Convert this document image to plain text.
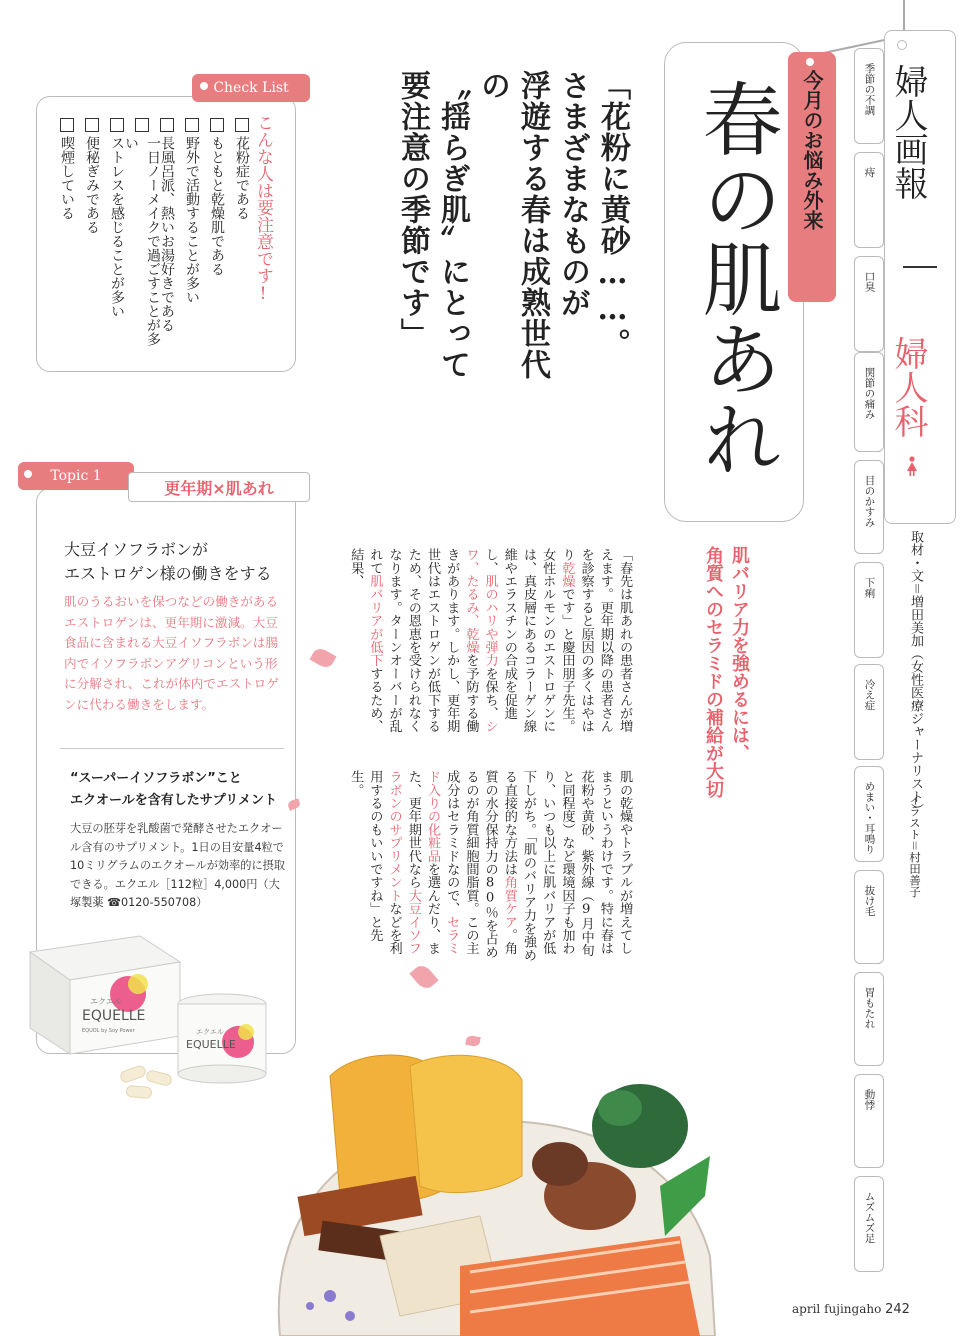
Check List
こんな人は要注意です!
花粉症である
もともと乾燥肌である
野外で活動することが多い
長風呂派、熱いお湯好きである
一日ノーメイクで過ごすことが多い
ストレスを感じることが多い
便秘ぎみである
喫煙している
Topic 1
更年期×肌あれ
大豆イソフラボンが
エストロゲン様の働きをする
肌のうるおいを保つなどの働きがあるエストロゲンは、更年期に激減。大豆食品に含まれる大豆イソフラボンは腸内でイソフラボンアグリコンという形に分解され、これが体内でエストロゲンに代わる働きをします。
“スーパーイソフラボン”こと
エクオールを含有したサプリメント
大豆の胚芽を乳酸菌で発酵させたエクオール含有のサプリメント。1日の目安量4粒で10ミリグラムのエクオールが効率的に摂取できる。エクエル［112粒］4,000円（大塚製薬 ☎0120-550708）
EQUELLE
エクエル
EQUOL by Soy Power
EQUELLE
エクエル
「花粉に黄砂……。
さまざまなものが
浮遊する春は成熟世代の
〝揺らぎ肌〟にとって
要注意の季節です」	今月のお悩み外来
春の肌あれ
婦人画報
婦人科
季節の不調
痔
口臭
関節の痛み
目のかすみ
下痢
冷え症
めまい・耳鳴り
抜け毛
胃もたれ
動悸
ムズムズ足
取材・文＝増田美加（女性医療ジャーナリスト）
イラスト＝村田善子
肌バリア力を強めるには、
角質へのセラミドの補給が大切
「春先は肌あれの患者さんが増えます。更年期以降の患者さんを診察すると原因の多くはやはり乾燥です」と慶田朋子先生。女性ホルモンのエストロゲンには、真皮層にあるコラーゲン線維やエラスチンの合成を促進し、肌のハリや弾力を保ち、シワ、たるみ、乾燥を予防する働きがあります。しかし、更年期世代はエストロゲンが低下するため、その恩恵を受けられなくなります。ターンオーバーが乱れて肌バリアが低下するため、結果、
肌の乾燥やトラブルが増えてしまうというわけです。特に春は花粉や黄砂、紫外線（9月中旬と同程度）など環境因子も加わり、いつも以上に肌バリアが低下しがち。「肌のバリア力を強める直接的な方法は角質ケア。角質の水分保持力の80％を占めるのが角質細胞間脂質。この主成分はセラミドなので、セラミド入りの化粧品を選んだり、また、更年期世代なら大豆イソフラボンのサプリメントなどを利用するのもいいですね」と先生。
april fujingaho 242
